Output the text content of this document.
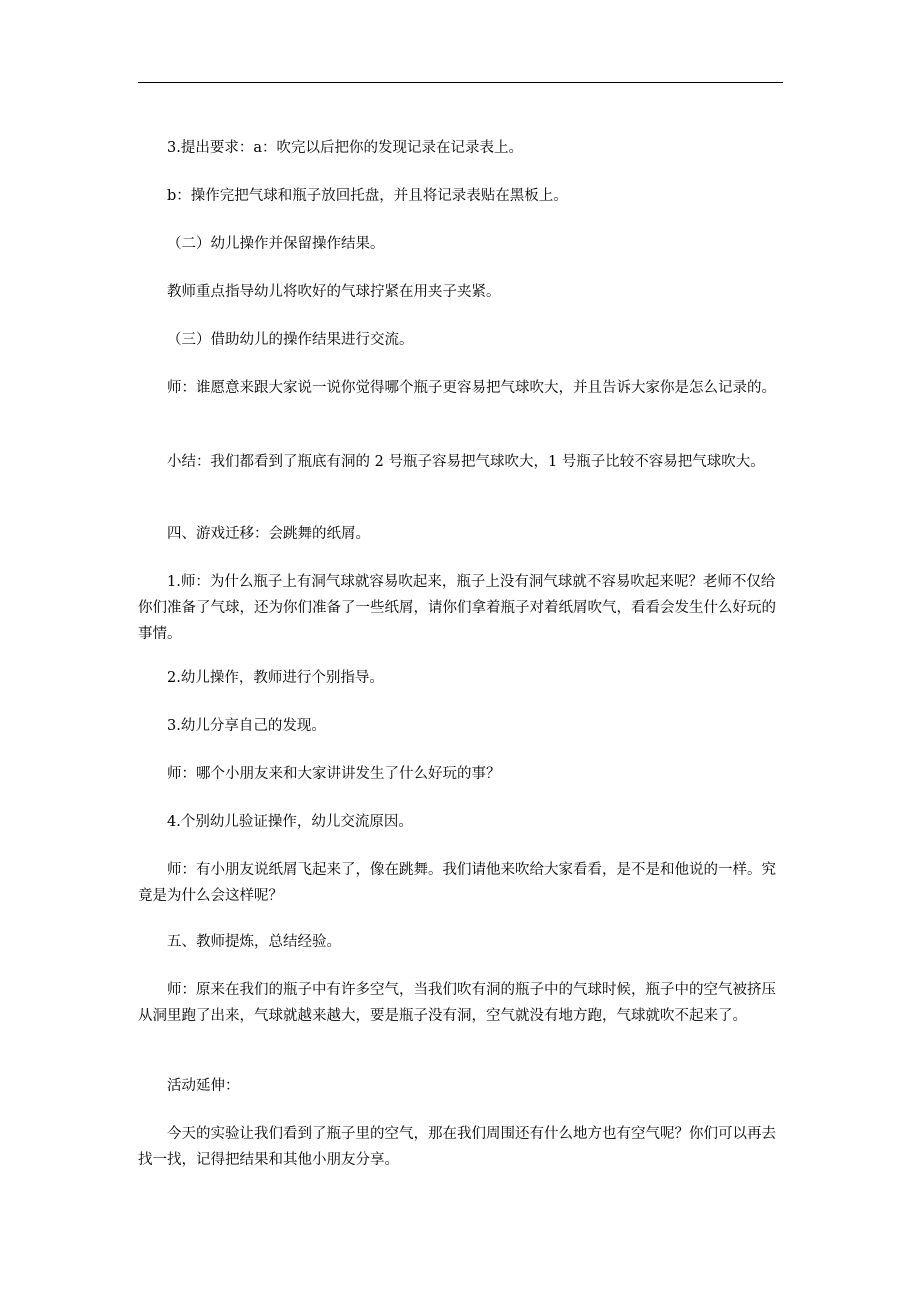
3.提出要求：a：吹完以后把你的发现记录在记录表上。

b：操作完把气球和瓶子放回托盘，并且将记录表贴在黑板上。

（二）幼儿操作并保留操作结果。

教师重点指导幼儿将吹好的气球拧紧在用夹子夹紧。

（三）借助幼儿的操作结果进行交流。

师：谁愿意来跟大家说一说你觉得哪个瓶子更容易把气球吹大，并且告诉大家你是怎么记录的。

小结：我们都看到了瓶底有洞的 2 号瓶子容易把气球吹大，1 号瓶子比较不容易把气球吹大。

四、游戏迁移：会跳舞的纸屑。

1.师：为什么瓶子上有洞气球就容易吹起来，瓶子上没有洞气球就不容易吹起来呢？老师不仅给你们准备了气球，还为你们准备了一些纸屑，请你们拿着瓶子对着纸屑吹气，看看会发生什么好玩的事情。

2.幼儿操作，教师进行个别指导。

3.幼儿分享自己的发现。

师：哪个小朋友来和大家讲讲发生了什么好玩的事？

4.个别幼儿验证操作，幼儿交流原因。

师：有小朋友说纸屑飞起来了，像在跳舞。我们请他来吹给大家看看，是不是和他说的一样。究竟是为什么会这样呢？

五、教师提炼，总结经验。

师：原来在我们的瓶子中有许多空气，当我们吹有洞的瓶子中的气球时候，瓶子中的空气被挤压从洞里跑了出来，气球就越来越大，要是瓶子没有洞，空气就没有地方跑，气球就吹不起来了。

活动延伸：

今天的实验让我们看到了瓶子里的空气，那在我们周围还有什么地方也有空气呢？你们可以再去找一找，记得把结果和其他小朋友分享。
